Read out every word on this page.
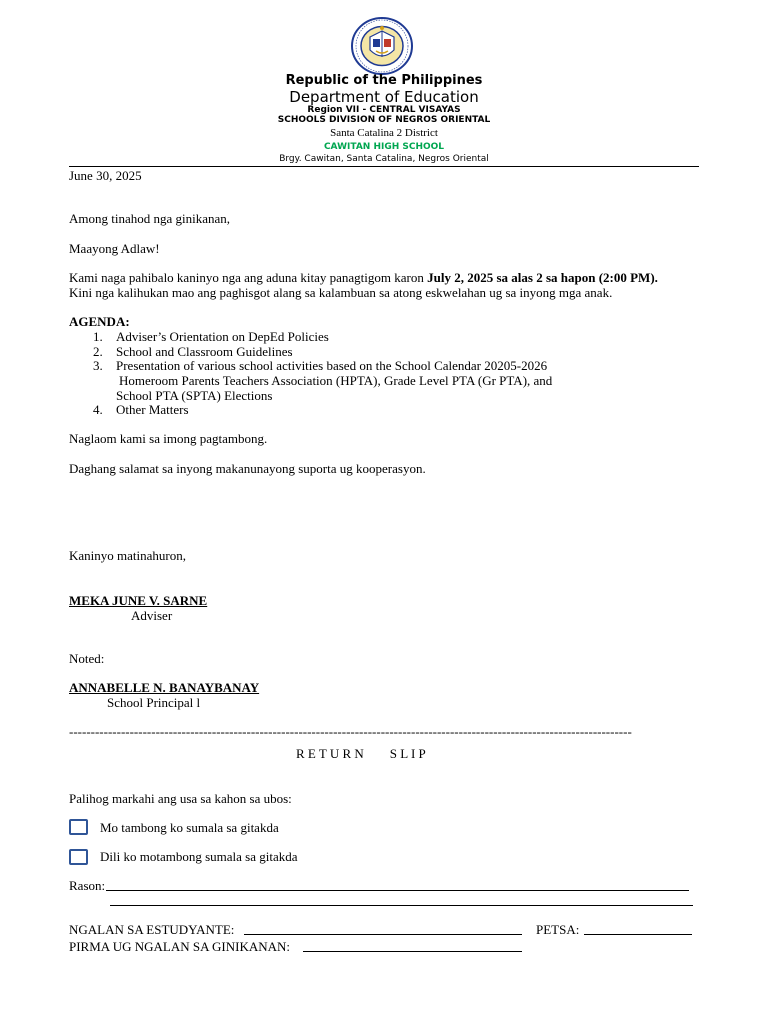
Republic of the Philippines
Department of Education
Region VII - CENTRAL VISAYAS
SCHOOLS DIVISION OF NEGROS ORIENTAL
Santa Catalina 2 District
CAWITAN HIGH SCHOOL
Brgy. Cawitan, Santa Catalina, Negros Oriental
June 30, 2025
Among tinahod nga ginikanan,
Maayong Adlaw!
Kami naga pahibalo kaninyo nga ang aduna kitay panagtigom karon July 2, 2025 sa alas 2 sa hapon (2:00 PM).
Kini nga kalihukan mao ang paghisgot alang sa kalambuan sa atong eskwelahan ug sa inyong mga anak.
AGENDA:
1. Adviser’s Orientation on DepEd Policies
2. School and Classroom Guidelines
3. Presentation of various school activities based on the School Calendar 20205-2026
Homeroom Parents Teachers Association (HPTA), Grade Level PTA (Gr PTA), and
School PTA (SPTA) Elections
4. Other Matters
Naglaom kami sa imong pagtambong.
Daghang salamat sa inyong makanunayong suporta ug kooperasyon.
Kaninyo matinahuron,
MEKA JUNE V. SARNE
Adviser
Noted:
ANNABELLE N. BANAYBANAY
School Principal l
----------------------------------------------------------------------------------------------------------------------------------
R E T U R N        S L I P
Palihog markahi ang usa sa kahon sa ubos:
Mo tambong ko sumala sa gitakda
Dili ko motambong sumala sa gitakda
Rason:
NGALAN SA ESTUDYANTE:	PETSA:
PIRMA UG NGALAN SA GINIKANAN:
